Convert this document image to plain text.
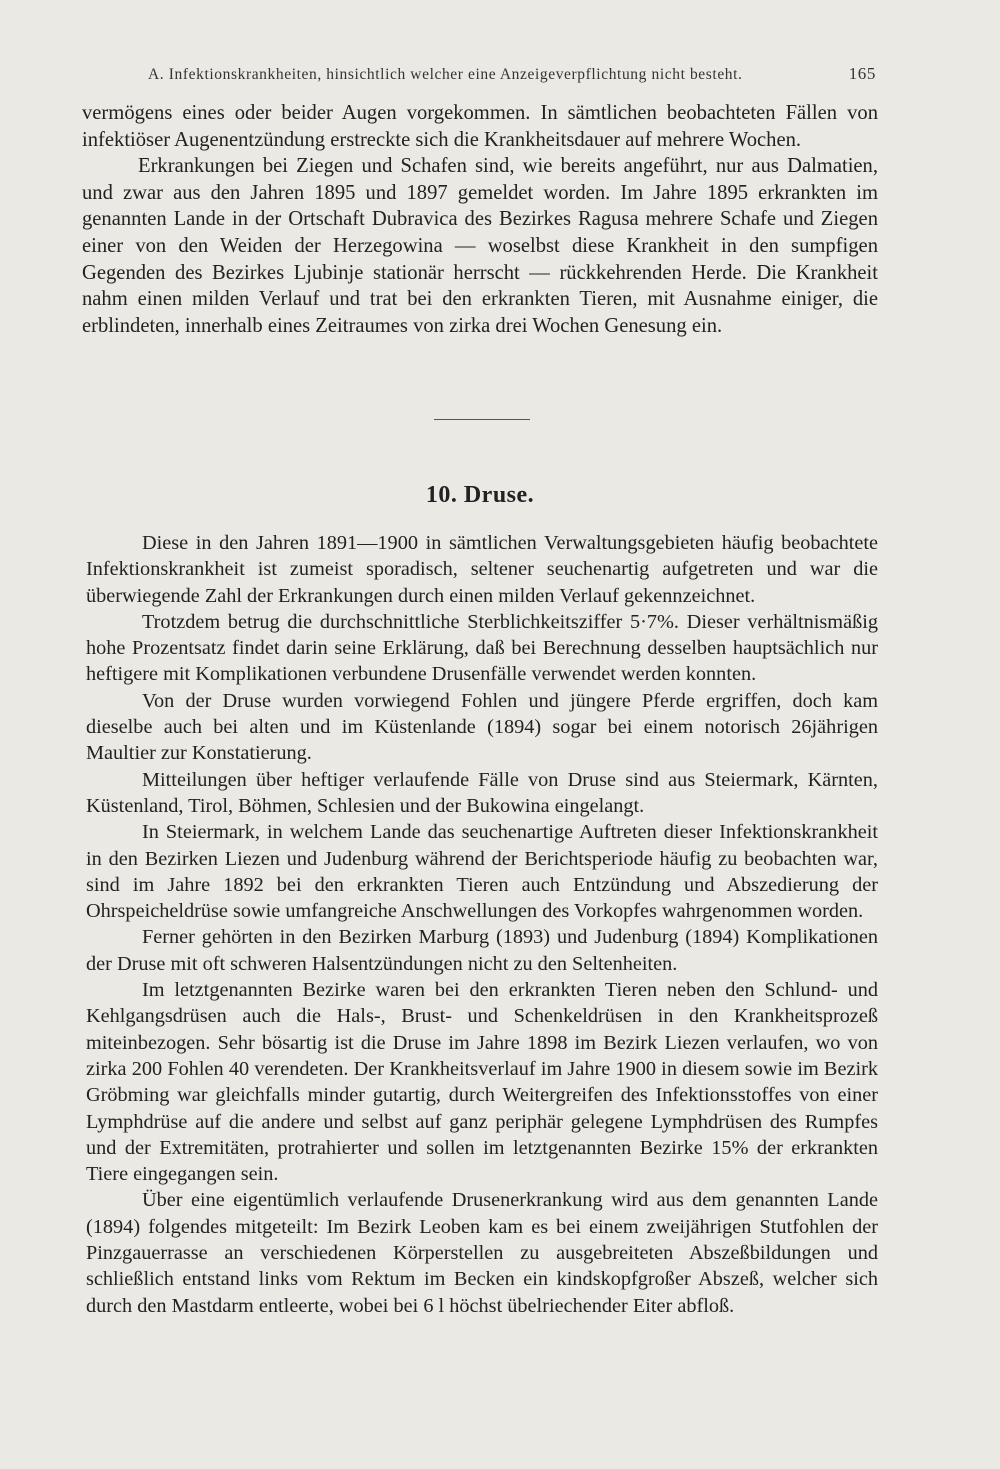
A. Infektionskrankheiten, hinsichtlich welcher eine Anzeigeverpflichtung nicht besteht.	165

vermögens eines oder beider Augen vorgekommen. In sämtlichen beobachteten Fällen von infektiöser Augenentzündung erstreckte sich die Krankheitsdauer auf mehrere Wochen.

Erkrankungen bei Ziegen und Schafen sind, wie bereits angeführt, nur aus Dalmatien, und zwar aus den Jahren 1895 und 1897 gemeldet worden. Im Jahre 1895 erkrankten im genannten Lande in der Ortschaft Dubravica des Bezirkes Ragusa mehrere Schafe und Ziegen einer von den Weiden der Herzegowina — woselbst diese Krankheit in den sumpfigen Gegenden des Bezirkes Ljubinje stationär herrscht — rückkehrenden Herde. Die Krankheit nahm einen milden Verlauf und trat bei den erkrankten Tieren, mit Ausnahme einiger, die erblindeten, innerhalb eines Zeitraumes von zirka drei Wochen Genesung ein.

10. Druse.

Diese in den Jahren 1891—1900 in sämtlichen Verwaltungsgebieten häufig beobachtete Infektionskrankheit ist zumeist sporadisch, seltener seuchenartig aufgetreten und war die überwiegende Zahl der Erkrankungen durch einen milden Verlauf gekennzeichnet.

Trotzdem betrug die durchschnittliche Sterblichkeitsziffer 5·7%. Dieser verhältnismäßig hohe Prozentsatz findet darin seine Erklärung, daß bei Berechnung desselben hauptsächlich nur heftigere mit Komplikationen verbundene Drusenfälle verwendet werden konnten.

Von der Druse wurden vorwiegend Fohlen und jüngere Pferde ergriffen, doch kam dieselbe auch bei alten und im Küstenlande (1894) sogar bei einem notorisch 26jährigen Maultier zur Konstatierung.

Mitteilungen über heftiger verlaufende Fälle von Druse sind aus Steiermark, Kärnten, Küstenland, Tirol, Böhmen, Schlesien und der Bukowina eingelangt.

In Steiermark, in welchem Lande das seuchenartige Auftreten dieser Infektionskrankheit in den Bezirken Liezen und Judenburg während der Berichtsperiode häufig zu beobachten war, sind im Jahre 1892 bei den erkrankten Tieren auch Entzündung und Abszedierung der Ohrspeicheldrüse sowie umfangreiche Anschwellungen des Vorkopfes wahrgenommen worden.

Ferner gehörten in den Bezirken Marburg (1893) und Judenburg (1894) Komplikationen der Druse mit oft schweren Halsentzündungen nicht zu den Seltenheiten.

Im letztgenannten Bezirke waren bei den erkrankten Tieren neben den Schlund- und Kehlgangsdrüsen auch die Hals-, Brust- und Schenkeldrüsen in den Krankheitsprozeß miteinbezogen. Sehr bösartig ist die Druse im Jahre 1898 im Bezirk Liezen verlaufen, wo von zirka 200 Fohlen 40 verendeten. Der Krankheitsverlauf im Jahre 1900 in diesem sowie im Bezirk Gröbming war gleichfalls minder gutartig, durch Weitergreifen des Infektionsstoffes von einer Lymphdrüse auf die andere und selbst auf ganz periphär gelegene Lymphdrüsen des Rumpfes und der Extremitäten, protrahierter und sollen im letztgenannten Bezirke 15% der erkrankten Tiere eingegangen sein.

Über eine eigentümlich verlaufende Drusenerkrankung wird aus dem genannten Lande (1894) folgendes mitgeteilt: Im Bezirk Leoben kam es bei einem zweijährigen Stutfohlen der Pinzgauerrasse an verschiedenen Körperstellen zu ausgebreiteten Abszeßbildungen und schließlich entstand links vom Rektum im Becken ein kindskopfgroßer Abszeß, welcher sich durch den Mastdarm entleerte, wobei bei 6 l höchst übelriechender Eiter abfloß.
